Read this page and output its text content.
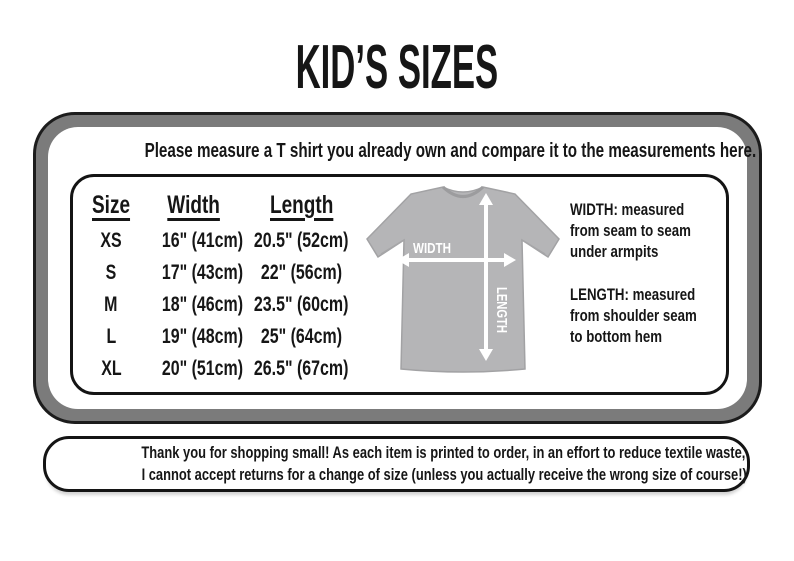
KID’S SIZES
Please measure a T shirt you already own and compare it to the measurements here.
Size	Width	Length
XS	16" (41cm) 20.5" (52cm)
S	17" (43cm) 22" (56cm)
M	18" (46cm) 23.5" (60cm)
L	19" (48cm) 25" (64cm)
XL	20" (51cm) 26.5" (67cm)
WIDTH
LENGTH
WIDTH: measured
from seam to seam
under armpits
LENGTH: measured
from shoulder seam
to bottom hem
Thank you for shopping small! As each item is printed to order, in an effort to reduce textile waste,
I cannot accept returns for a change of size (unless you actually receive the wrong size of course!)
